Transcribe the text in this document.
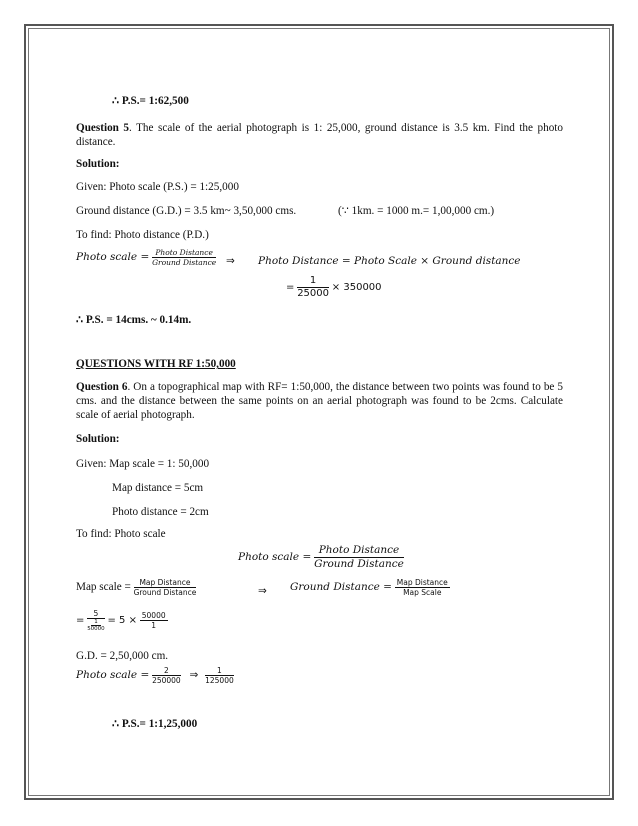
∴ P.S.= 1:62,500
Question 5. The scale of the aerial photograph is 1: 25,000, ground distance is 3.5 km. Find the photo distance.
Solution:
Given: Photo scale (P.S.) = 1:25,000
Ground distance (G.D.) = 3.5 km~ 3,50,000 cms.	(∵ 1km. = 1000 m.= 1,00,000 cm.)
To find: Photo distance (P.D.)
Photo scale = $\frac{\text{Photo Distance}}{\text{Ground Distance}}$ ⇒ Photo Distance = Photo Scale × Ground distance
= $\frac{1}{25000} \times 350000$
∴ P.S. = 14cms. ~ 0.14m.
QUESTIONS WITH RF 1:50,000
Question 6. On a topographical map with RF= 1:50,000, the distance between two points was found to be 5 cms. and the distance between the same points on an aerial photograph was found to be 2cms. Calculate scale of aerial photograph.
Solution:
Given: Map scale = 1: 50,000
Map distance = 5cm
Photo distance = 2cm
To find: Photo scale
Photo scale = $\frac{\text{Photo Distance}}{\text{Ground Distance}}$
Map scale = $\frac{\text{Map Distance}}{\text{Ground Distance}}$	⇒ Ground Distance = $\frac{\text{Map Distance}}{\text{Map Scale}}$
= 5
1
$50000 = 5 \times \frac{50000}{1}$
G.D. = 2,50,000 cm.
Photo scale = $\frac{2}{250000}$ ⇒ $\frac{1}{125000}$
∴ P.S.= 1:1,25,000
